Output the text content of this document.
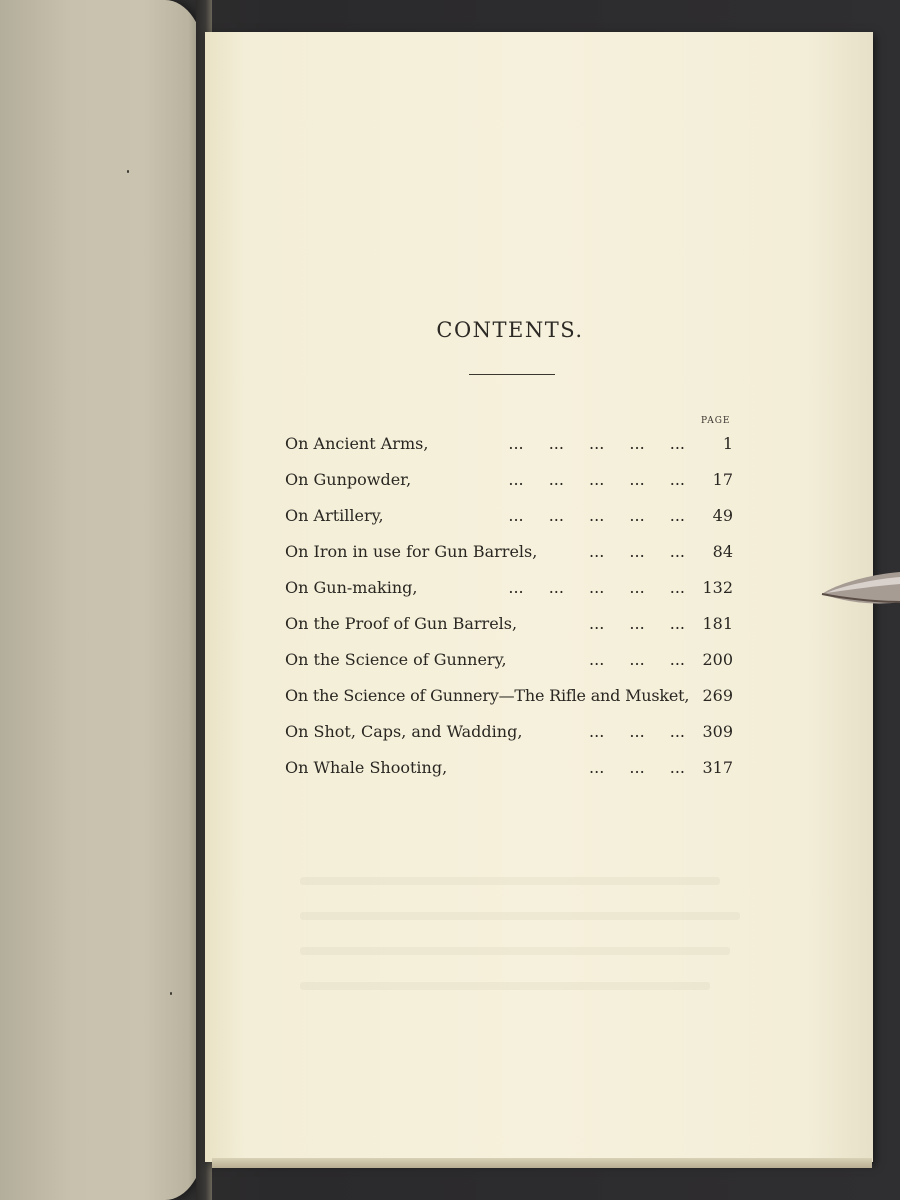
CONTENTS.
PAGE
On Ancient Arms,	... ... ... ... ... 1
On Gunpowder,	... ... ... ... ... 17
On Artillery,	... ... ... ... ... 49
On Iron in use for Gun Barrels,	... ... ... 84
On Gun-making,	... ... ... ... ... 132
On the Proof of Gun Barrels,	... ... ... 181
On the Science of Gunnery,	... ... ... 200
On the Science of Gunnery—The Rifle and Musket, 269
On Shot, Caps, and Wadding,	... ... ... 309
On Whale Shooting,	... ... ... 317
